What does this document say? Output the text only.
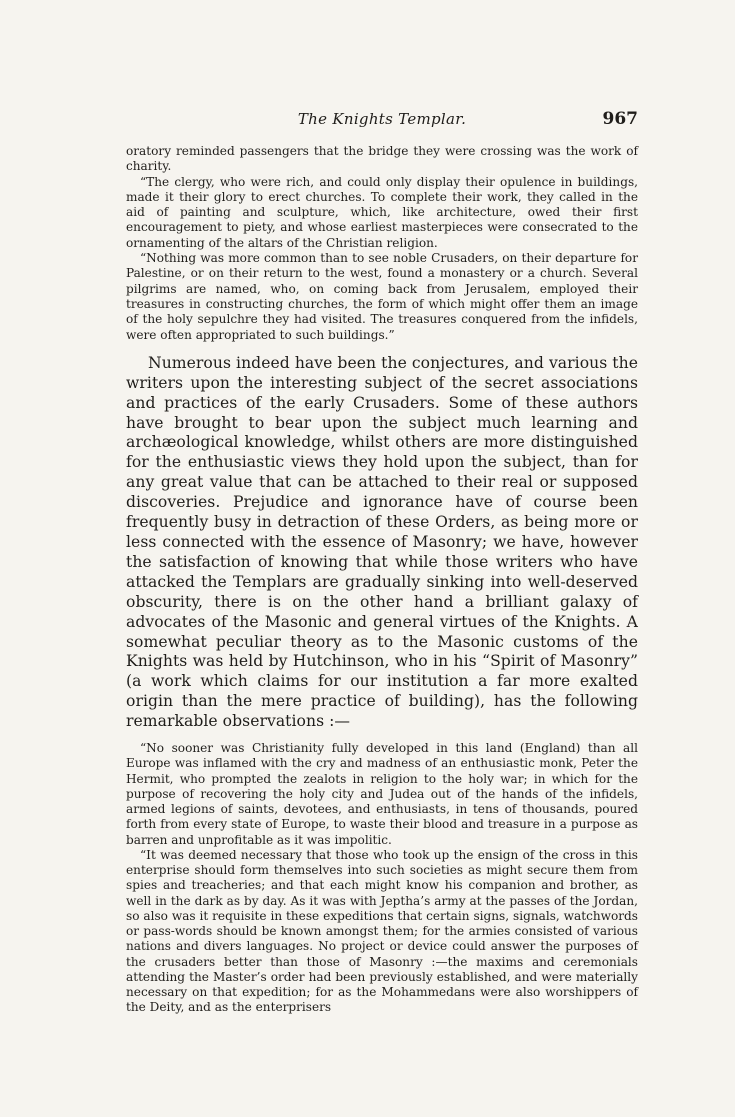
The Knights Templar.	967

oratory reminded passengers that the bridge they were crossing was the work of charity.

“The clergy, who were rich, and could only display their opulence in buildings, made it their glory to erect churches. To complete their work, they called in the aid of painting and sculpture, which, like architecture, owed their first encouragement to piety, and whose earliest masterpieces were consecrated to the ornamenting of the altars of the Christian religion.

“Nothing was more common than to see noble Crusaders, on their departure for Palestine, or on their return to the west, found a monastery or a church. Several pilgrims are named, who, on coming back from Jerusalem, employed their treasures in constructing churches, the form of which might offer them an image of the holy sepulchre they had visited. The treasures conquered from the infidels, were often appropriated to such buildings.”

Numerous indeed have been the conjectures, and various the writers upon the interesting subject of the secret associations and practices of the early Crusaders. Some of these authors have brought to bear upon the subject much learning and archæological knowledge, whilst others are more distinguished for the enthusiastic views they hold upon the subject, than for any great value that can be attached to their real or supposed discoveries. Prejudice and ignorance have of course been frequently busy in detraction of these Orders, as being more or less connected with the essence of Masonry; we have, however the satisfaction of knowing that while those writers who have attacked the Templars are gradually sinking into well-deserved obscurity, there is on the other hand a brilliant galaxy of advocates of the Masonic and general virtues of the Knights. A somewhat peculiar theory as to the Masonic customs of the Knights was held by Hutchinson, who in his “Spirit of Masonry” (a work which claims for our institution a far more exalted origin than the mere practice of building), has the following remarkable observations :—

“No sooner was Christianity fully developed in this land (England) than all Europe was inflamed with the cry and madness of an enthusiastic monk, Peter the Hermit, who prompted the zealots in religion to the holy war; in which for the purpose of recovering the holy city and Judea out of the hands of the infidels, armed legions of saints, devotees, and enthusiasts, in tens of thousands, poured forth from every state of Europe, to waste their blood and treasure in a purpose as barren and unprofitable as it was impolitic.

“It was deemed necessary that those who took up the ensign of the cross in this enterprise should form themselves into such societies as might secure them from spies and treacheries; and that each might know his companion and brother, as well in the dark as by day. As it was with Jeptha’s army at the passes of the Jordan, so also was it requisite in these expeditions that certain signs, signals, watchwords or pass-words should be known amongst them; for the armies consisted of various nations and divers languages. No project or device could answer the purposes of the crusaders better than those of Masonry :—the maxims and ceremonials attending the Master’s order had been previously established, and were materially necessary on that expedition; for as the Mohammedans were also worshippers of the Deity, and as the enterprisers
